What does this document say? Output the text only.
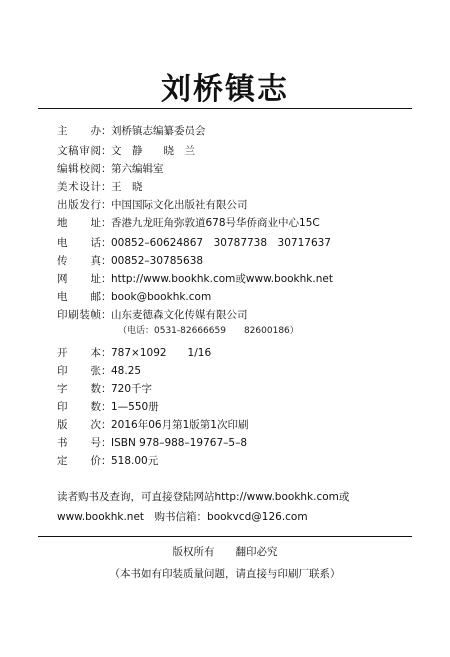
刘桥镇志
主　办：刘桥镇志编纂委员会
文稿审阅：文　静　　晓　兰
编辑校阅：第六编辑室
美术设计：王　晓
出版发行：中国国际文化出版社有限公司
地　址：香港九龙旺角弥敦道678号华侨商业中心15C
电　话：00852–60624867　30787738　30717637
传　真：00852–30785638
网　址：http://www.bookhk.com或www.bookhk.net
电　邮：book@bookhk.com
印刷装帧：山东麦德森文化传媒有限公司
（电话：0531-82666659　　82600186）
开　本：787×1092　　1/16
印　张：48.25
字　数：720千字
印　数：1—550册
版　次：2016年06月第1版第1次印刷
书　号：ISBN 978–988–19767–5–8
定　价：518.00元
读者购书及查询，可直接登陆网站http://www.bookhk.com或
www.bookhk.net　购书信箱：bookvcd@126.com
版权所有　　翻印必究
（本书如有印装质量问题，请直接与印刷厂联系）
